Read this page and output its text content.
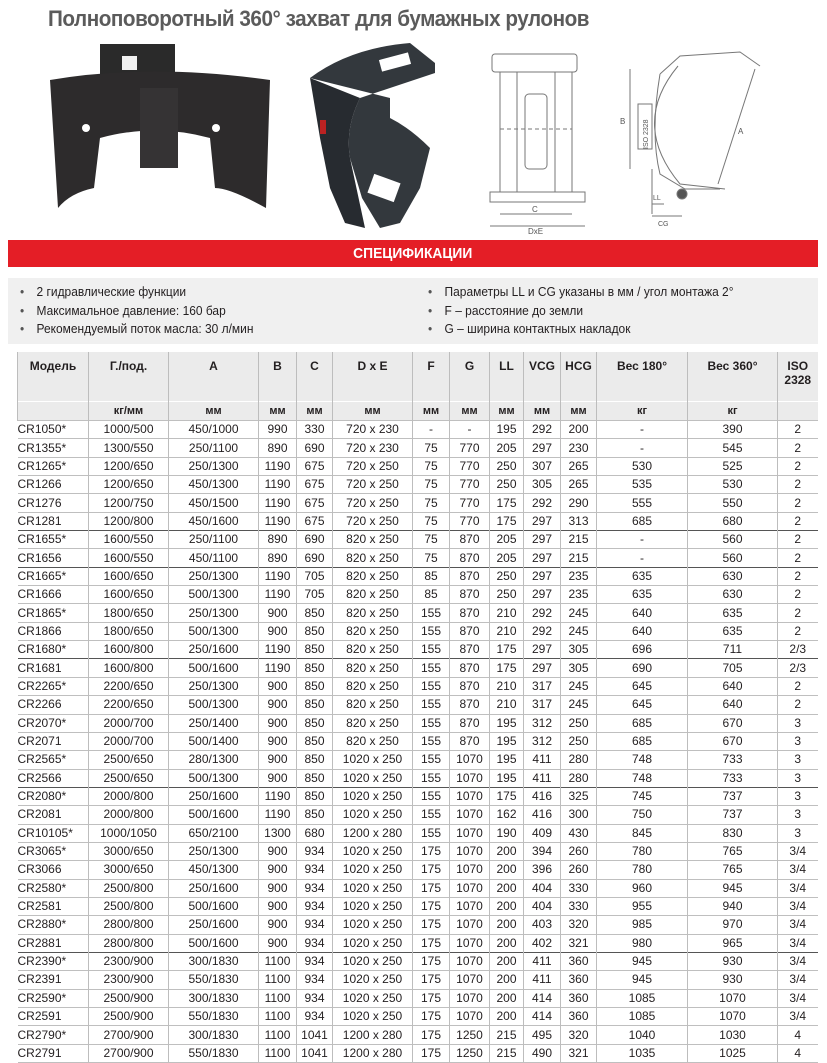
Полноповоротный 360° захват для бумажных рулонов
C
DxE
A
B	ISO 2328
LL
CG
СПЕЦИФИКАЦИИ
• 2 гидравлические функции
• Максимальное давление: 160 бар
• Рекомендуемый поток масла: 30 л/мин
• Параметры LL и CG указаны в мм / угол монтажа 2°
• F – расстояние до земли
• G – ширина контактных накладок
Модель	Г./под.	A	B	C	D x E	F	G	LL	VCG	HCG	Вес 180°	Вес 360°	ISO 2328
	кг/мм	мм	мм	мм	мм	мм	мм	мм	мм	мм	кг	кг	
CR1050*	1000/500	450/1000	990	330	720 x 230	-	-	195	292	200	-	390	2
CR1355*	1300/550	250/1100	890	690	720 x 230	75	770	205	297	230	-	545	2
CR1265*	1200/650	250/1300	1190	675	720 x 250	75	770	250	307	265	530	525	2
CR1266	1200/650	450/1300	1190	675	720 x 250	75	770	250	305	265	535	530	2
CR1276	1200/750	450/1500	1190	675	720 x 250	75	770	175	292	290	555	550	2
CR1281	1200/800	450/1600	1190	675	720 x 250	75	770	175	297	313	685	680	2
CR1655*	1600/550	250/1100	890	690	820 x 250	75	870	205	297	215	-	560	2
CR1656	1600/550	450/1100	890	690	820 x 250	75	870	205	297	215	-	560	2
CR1665*	1600/650	250/1300	1190	705	820 x 250	85	870	250	297	235	635	630	2
CR1666	1600/650	500/1300	1190	705	820 x 250	85	870	250	297	235	635	630	2
CR1865*	1800/650	250/1300	900	850	820 x 250	155	870	210	292	245	640	635	2
CR1866	1800/650	500/1300	900	850	820 x 250	155	870	210	292	245	640	635	2
CR1680*	1600/800	250/1600	1190	850	820 x 250	155	870	175	297	305	696	711	2/3
CR1681	1600/800	500/1600	1190	850	820 x 250	155	870	175	297	305	690	705	2/3
CR2265*	2200/650	250/1300	900	850	820 x 250	155	870	210	317	245	645	640	2
CR2266	2200/650	500/1300	900	850	820 x 250	155	870	210	317	245	645	640	2
CR2070*	2000/700	250/1400	900	850	820 x 250	155	870	195	312	250	685	670	3
CR2071	2000/700	500/1400	900	850	820 x 250	155	870	195	312	250	685	670	3
CR2565*	2500/650	280/1300	900	850	1020 x 250	155	1070	195	411	280	748	733	3
CR2566	2500/650	500/1300	900	850	1020 x 250	155	1070	195	411	280	748	733	3
CR2080*	2000/800	250/1600	1190	850	1020 x 250	155	1070	175	416	325	745	737	3
CR2081	2000/800	500/1600	1190	850	1020 x 250	155	1070	162	416	300	750	737	3
CR10105*	1000/1050	650/2100	1300	680	1200 x 280	155	1070	190	409	430	845	830	3
CR3065*	3000/650	250/1300	900	934	1020 x 250	175	1070	200	394	260	780	765	3/4
CR3066	3000/650	450/1300	900	934	1020 x 250	175	1070	200	396	260	780	765	3/4
CR2580*	2500/800	250/1600	900	934	1020 x 250	175	1070	200	404	330	960	945	3/4
CR2581	2500/800	500/1600	900	934	1020 x 250	175	1070	200	404	330	955	940	3/4
CR2880*	2800/800	250/1600	900	934	1020 x 250	175	1070	200	403	320	985	970	3/4
CR2881	2800/800	500/1600	900	934	1020 x 250	175	1070	200	402	321	980	965	3/4
CR2390*	2300/900	300/1830	1100	934	1020 x 250	175	1070	200	411	360	945	930	3/4
CR2391	2300/900	550/1830	1100	934	1020 x 250	175	1070	200	411	360	945	930	3/4
CR2590*	2500/900	300/1830	1100	934	1020 x 250	175	1070	200	414	360	1085	1070	3/4
CR2591	2500/900	550/1830	1100	934	1020 x 250	175	1070	200	414	360	1085	1070	3/4
CR2790*	2700/900	300/1830	1100	1041	1200 x 280	175	1250	215	495	320	1040	1030	4
CR2791	2700/900	550/1830	1100	1041	1200 x 280	175	1250	215	490	321	1035	1025	4
